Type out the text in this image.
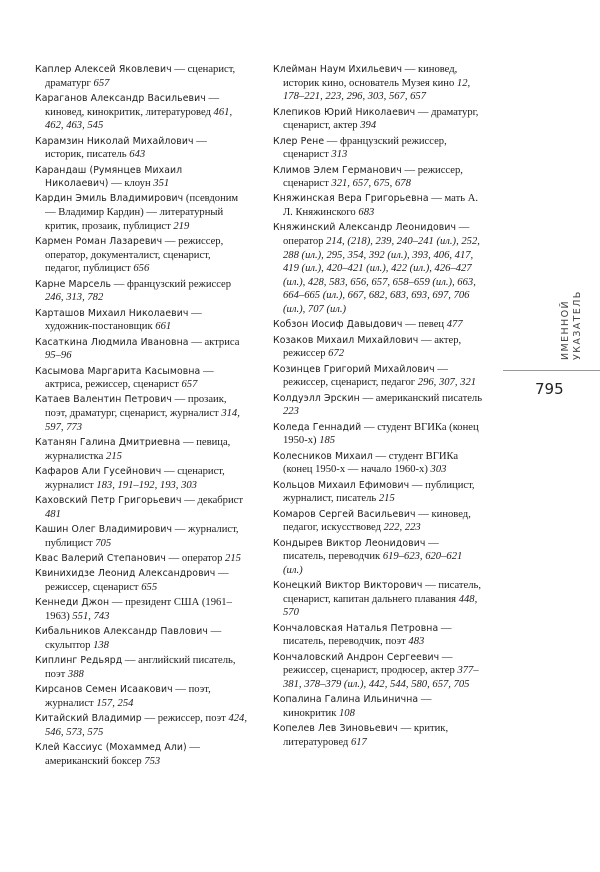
Каплер Алексей Яковлевич — сценарист, драматург 657

Караганов Александр Васильевич — киновед, кинокритик, литературовед 461, 462, 463, 545

Карамзин Николай Михайлович — историк, писатель 643

Карандаш (Румянцев Михаил Николаевич) — клоун 351

Кардин Эмиль Владимирович (псевдоним — Владимир Кардин) — литературный критик, прозаик, публицист 219

Кармен Роман Лазаревич — режиссер, оператор, документалист, сценарист, педагог, публицист 656

Карне Марсель — французский режиссер 246, 313, 782

Карташов Михаил Николаевич — художник-постановщик 661

Касаткина Людмила Ивановна — актриса 95–96

Касымова Маргарита Касымовна — актриса, режиссер, сценарист 657

Катаев Валентин Петрович — прозаик, поэт, драматург, сценарист, журналист 314, 597, 773

Катанян Галина Дмитриевна — певица, журналистка 215

Кафаров Али Гусейнович — сценарист, журналист 183, 191–192, 193, 303

Каховский Петр Григорьевич — декабрист 481

Кашин Олег Владимирович — журналист, публицист 705

Квас Валерий Степанович — оператор 215

Квинихидзе Леонид Александрович — режиссер, сценарист 655

Кеннеди Джон — президент США (1961–1963) 551, 743

Кибальников Александр Павлович — скульптор 138

Киплинг Редьярд — английский писатель, поэт 388

Кирсанов Семен Исаакович — поэт, журналист 157, 254

Китайский Владимир — режиссер, поэт 424, 546, 573, 575

Клей Кассиус (Мохаммед Али) — американский боксер 753

Клейман Наум Ихильевич — киновед, историк кино, основатель Музея кино 12, 178–221, 223, 296, 303, 567, 657

Клепиков Юрий Николаевич — драматург, сценарист, актер 394

Клер Рене — французский режиссер, сценарист 313

Климов Элем Германович — режиссер, сценарист 321, 657, 675, 678

Княжинская Вера Григорьевна — мать А. Л. Княжинского 683

Княжинский Александр Леонидович — оператор 214, (218), 239, 240–241 (ил.), 252, 288 (ил.), 295, 354, 392 (ил.), 393, 406, 417, 419 (ил.), 420–421 (ил.), 422 (ил.), 426–427 (ил.), 428, 583, 656, 657, 658–659 (ил.), 663, 664–665 (ил.), 667, 682, 683, 693, 697, 706 (ил.), 707 (ил.)

Кобзон Иосиф Давыдович — певец 477

Козаков Михаил Михайлович — актер, режиссер 672

Козинцев Григорий Михайлович — режиссер, сценарист, педагог 296, 307, 321

Колдуэлл Эрскин — американский писатель 223

Коледа Геннадий — студент ВГИКа (конец 1950-х) 185

Колесников Михаил — студент ВГИКа (конец 1950-х — начало 1960-х) 303

Кольцов Михаил Ефимович — публицист, журналист, писатель 215

Комаров Сергей Васильевич — киновед, педагог, искусствовед 222, 223

Кондырев Виктор Леонидович — писатель, переводчик 619–623, 620–621 (ил.)

Конецкий Виктор Викторович — писатель, сценарист, капитан дальнего плавания 448, 570

Кончаловская Наталья Петровна — писатель, переводчик, поэт 483

Кончаловский Андрон Сергеевич — режиссер, сценарист, продюсер, актер 377–381, 378–379 (ил.), 442, 544, 580, 657, 705

Копалина Галина Ильинична — кинокритик 108

Копелев Лев Зиновьевич — критик, литературовед 617

ИМЕННОЙ УКАЗАТЕЛЬ
795
